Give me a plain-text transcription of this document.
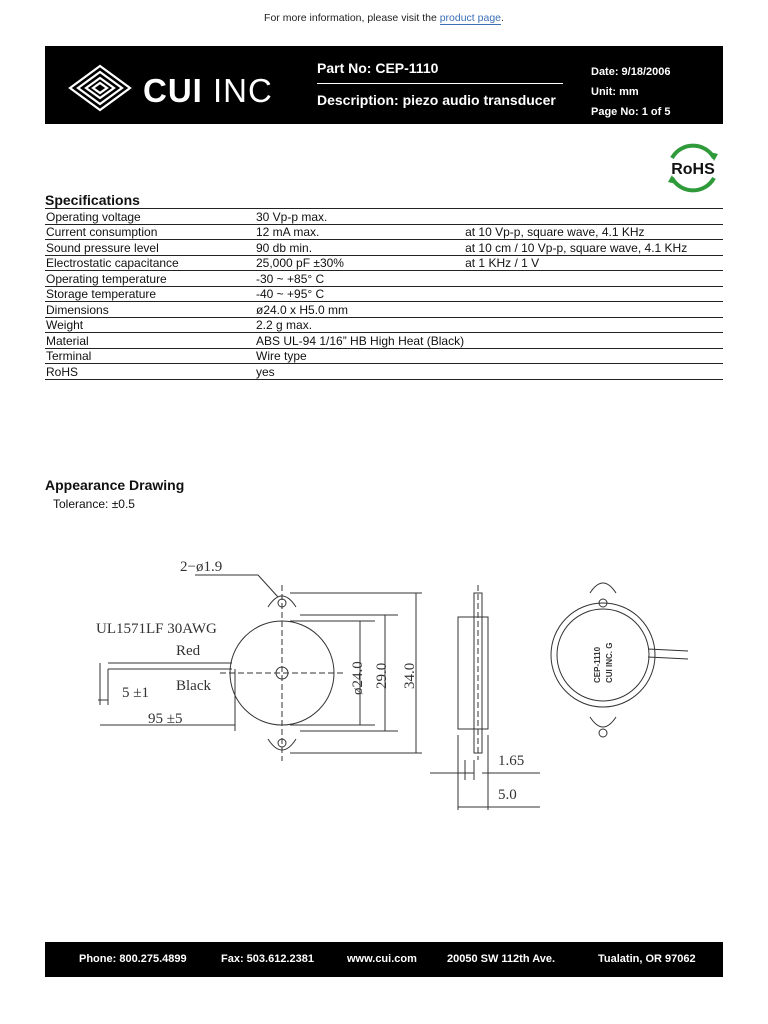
For more information, please visit the product page.
CUI INC
Part No: CEP-1110
Description: piezo audio transducer
Date: 9/18/2006
Unit: mm
Page No: 1 of 5
RoHS
Specifications
Operating voltage	30 Vp-p max.	
Current consumption	12 mA max.	at 10 Vp-p, square wave, 4.1 KHz
Sound pressure level	90 db min.	at 10 cm / 10 Vp-p, square wave, 4.1 KHz
Electrostatic capacitance	25,000 pF ±30%	at 1 KHz / 1 V
Operating temperature	-30 ~ +85° C	
Storage temperature	-40 ~ +95° C	
Dimensions	ø24.0 x H5.0 mm	
Weight	2.2 g max.	
Material	ABS UL-94 1/16” HB High Heat (Black)	
Terminal	Wire type	
RoHS	yes	
Appearance Drawing
Tolerance: ±0.5
2−ø1.9
UL1571LF 30AWG
Red
Black
5 ±1
95 ±5
ø24.0 29.0 34.0
1.65
5.0
CEP-1110 CUI INC. G
Phone: 800.275.4899	Fax: 503.612.2381	www.cui.com	20050 SW 112th Ave.	Tualatin, OR 97062
